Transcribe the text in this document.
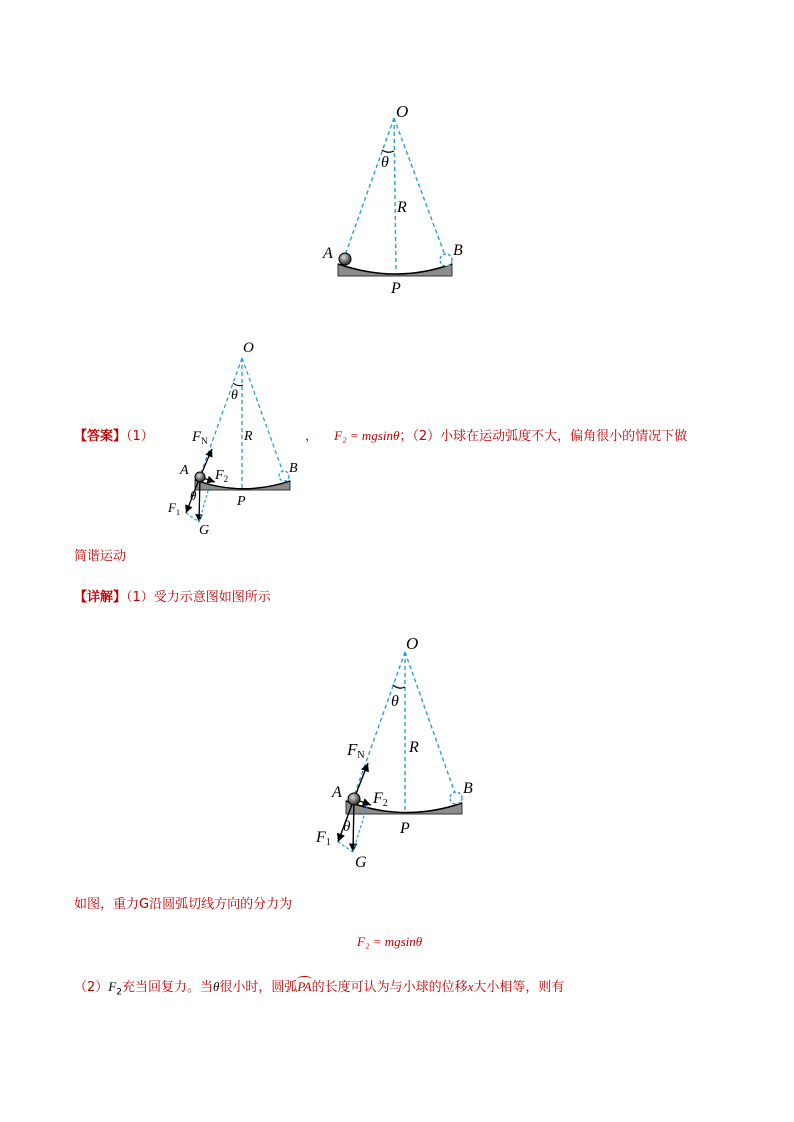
O
θ
R
A	B
P
O
θ
R
$F_N$
A $F_2$
B
P
θ
$F_1$
G
【答案】（1）	， F₂ = mgsinθ；（2）小球在运动弧度不大，偏角很小的情况下做
简谐运动
【详解】（1）受力示意图如图所示
O
θ
R
FN
A F2
B
P
θ
F1
G
如图，重力G沿圆弧切线方向的分力为
F₂ = mgsinθ
$(2)F_2$充当回复力。当θ很小时，圆弧
PA的长度可认为与小球的位移x大小相等，则有
